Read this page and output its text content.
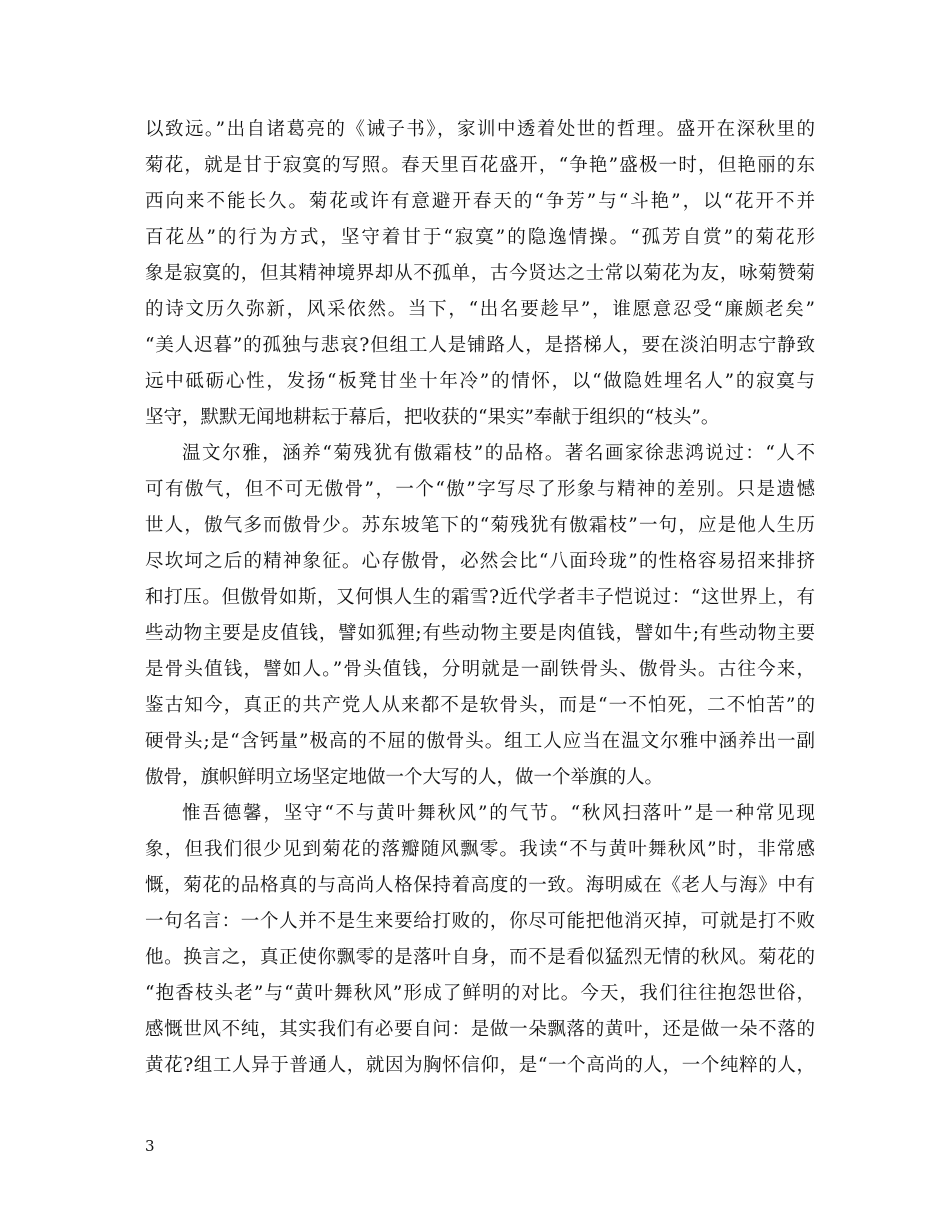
以致远。”出自诸葛亮的《诫子书》，家训中透着处世的哲理。盛开在深秋里的
菊花，就是甘于寂寞的写照。春天里百花盛开，“争艳”盛极一时，但艳丽的东
西向来不能长久。菊花或许有意避开春天的“争芳”与“斗艳”，以“花开不并
百花丛”的行为方式，坚守着甘于“寂寞”的隐逸情操。“孤芳自赏”的菊花形
象是寂寞的，但其精神境界却从不孤单，古今贤达之士常以菊花为友，咏菊赞菊
的诗文历久弥新，风采依然。当下，“出名要趁早”，谁愿意忍受“廉颇老矣”
“美人迟暮”的孤独与悲哀?但组工人是铺路人，是搭梯人，要在淡泊明志宁静致
远中砥砺心性，发扬“板凳甘坐十年冷”的情怀，以“做隐姓埋名人”的寂寞与
坚守，默默无闻地耕耘于幕后，把收获的“果实”奉献于组织的“枝头”。
温文尔雅，涵养“菊残犹有傲霜枝”的品格。著名画家徐悲鸿说过：“人不
可有傲气，但不可无傲骨”，一个“傲”字写尽了形象与精神的差别。只是遗憾
世人，傲气多而傲骨少。苏东坡笔下的“菊残犹有傲霜枝”一句，应是他人生历
尽坎坷之后的精神象征。心存傲骨，必然会比“八面玲珑”的性格容易招来排挤
和打压。但傲骨如斯，又何惧人生的霜雪?近代学者丰子恺说过：“这世界上，有
些动物主要是皮值钱，譬如狐狸;有些动物主要是肉值钱，譬如牛;有些动物主要
是骨头值钱，譬如人。”骨头值钱，分明就是一副铁骨头、傲骨头。古往今来，
鉴古知今，真正的共产党人从来都不是软骨头，而是“一不怕死，二不怕苦”的
硬骨头;是“含钙量”极高的不屈的傲骨头。组工人应当在温文尔雅中涵养出一副
傲骨，旗帜鲜明立场坚定地做一个大写的人，做一个举旗的人。
惟吾德馨，坚守“不与黄叶舞秋风”的气节。“秋风扫落叶”是一种常见现
象，但我们很少见到菊花的落瓣随风飘零。我读“不与黄叶舞秋风”时，非常感
慨，菊花的品格真的与高尚人格保持着高度的一致。海明威在《老人与海》中有
一句名言：一个人并不是生来要给打败的，你尽可能把他消灭掉，可就是打不败
他。换言之，真正使你飘零的是落叶自身，而不是看似猛烈无情的秋风。菊花的
“抱香枝头老”与“黄叶舞秋风”形成了鲜明的对比。今天，我们往往抱怨世俗，
感慨世风不纯，其实我们有必要自问：是做一朵飘落的黄叶，还是做一朵不落的
黄花?组工人异于普通人，就因为胸怀信仰，是“一个高尚的人，一个纯粹的人，
3
